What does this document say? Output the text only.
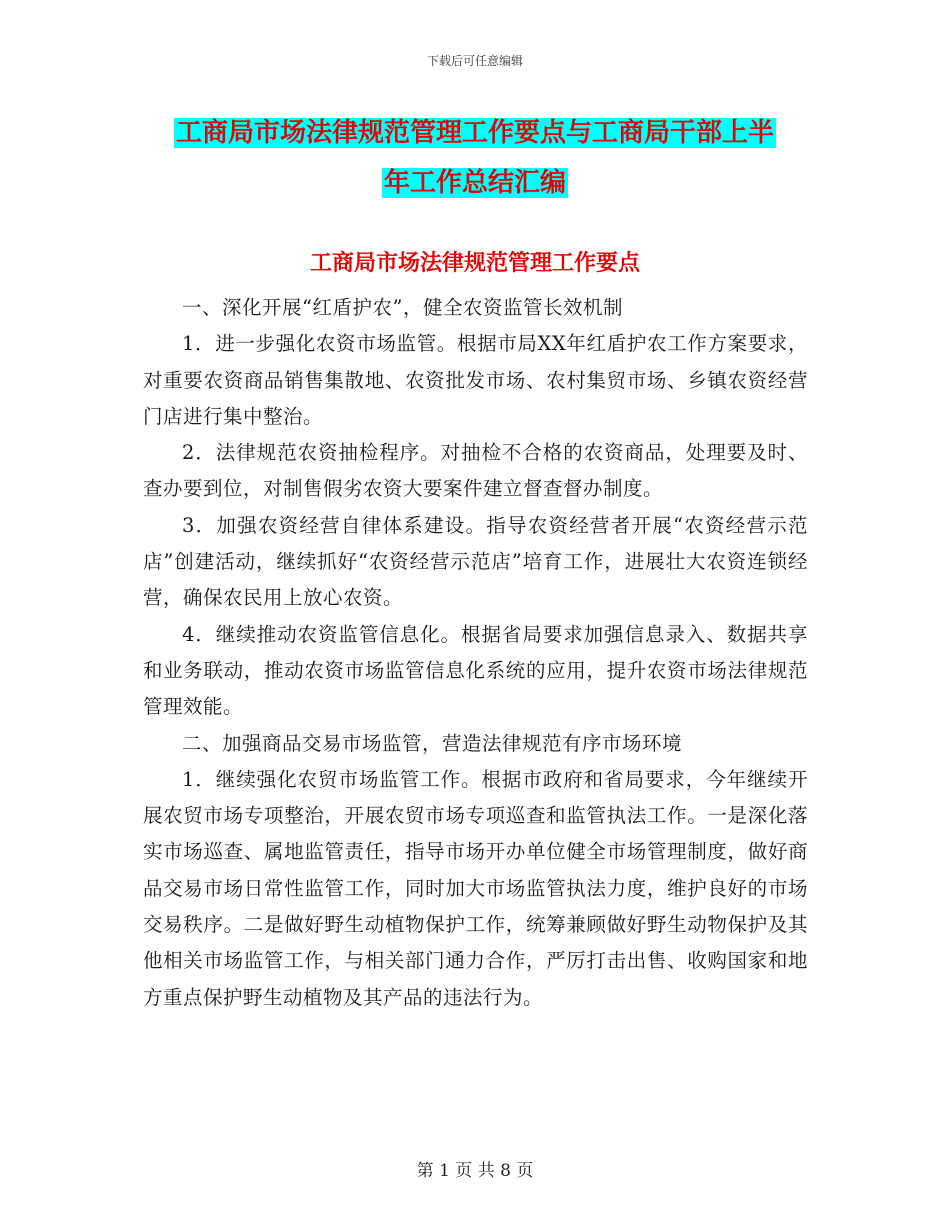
下载后可任意编辑
工商局市场法律规范管理工作要点与工商局干部上半
年工作总结汇编
工商局市场法律规范管理工作要点

一、深化开展“红盾护农”，健全农资监管长效机制

1．进一步强化农资市场监管。根据市局XX年红盾护农工作方案要求，对重要农资商品销售集散地、农资批发市场、农村集贸市场、乡镇农资经营门店进行集中整治。

2．法律规范农资抽检程序。对抽检不合格的农资商品，处理要及时、查办要到位，对制售假劣农资大要案件建立督查督办制度。

3．加强农资经营自律体系建设。指导农资经营者开展“农资经营示范店”创建活动，继续抓好“农资经营示范店”培育工作，进展壮大农资连锁经营，确保农民用上放心农资。

4．继续推动农资监管信息化。根据省局要求加强信息录入、数据共享和业务联动，推动农资市场监管信息化系统的应用，提升农资市场法律规范管理效能。

二、加强商品交易市场监管，营造法律规范有序市场环境

1．继续强化农贸市场监管工作。根据市政府和省局要求，今年继续开展农贸市场专项整治，开展农贸市场专项巡查和监管执法工作。一是深化落实市场巡查、属地监管责任，指导市场开办单位健全市场管理制度，做好商品交易市场日常性监管工作，同时加大市场监管执法力度，维护良好的市场交易秩序。二是做好野生动植物保护工作，统筹兼顾做好野生动物保护及其他相关市场监管工作，与相关部门通力合作，严厉打击出售、收购国家和地方重点保护野生动植物及其产品的违法行为。

第 1 页 共 8 页
